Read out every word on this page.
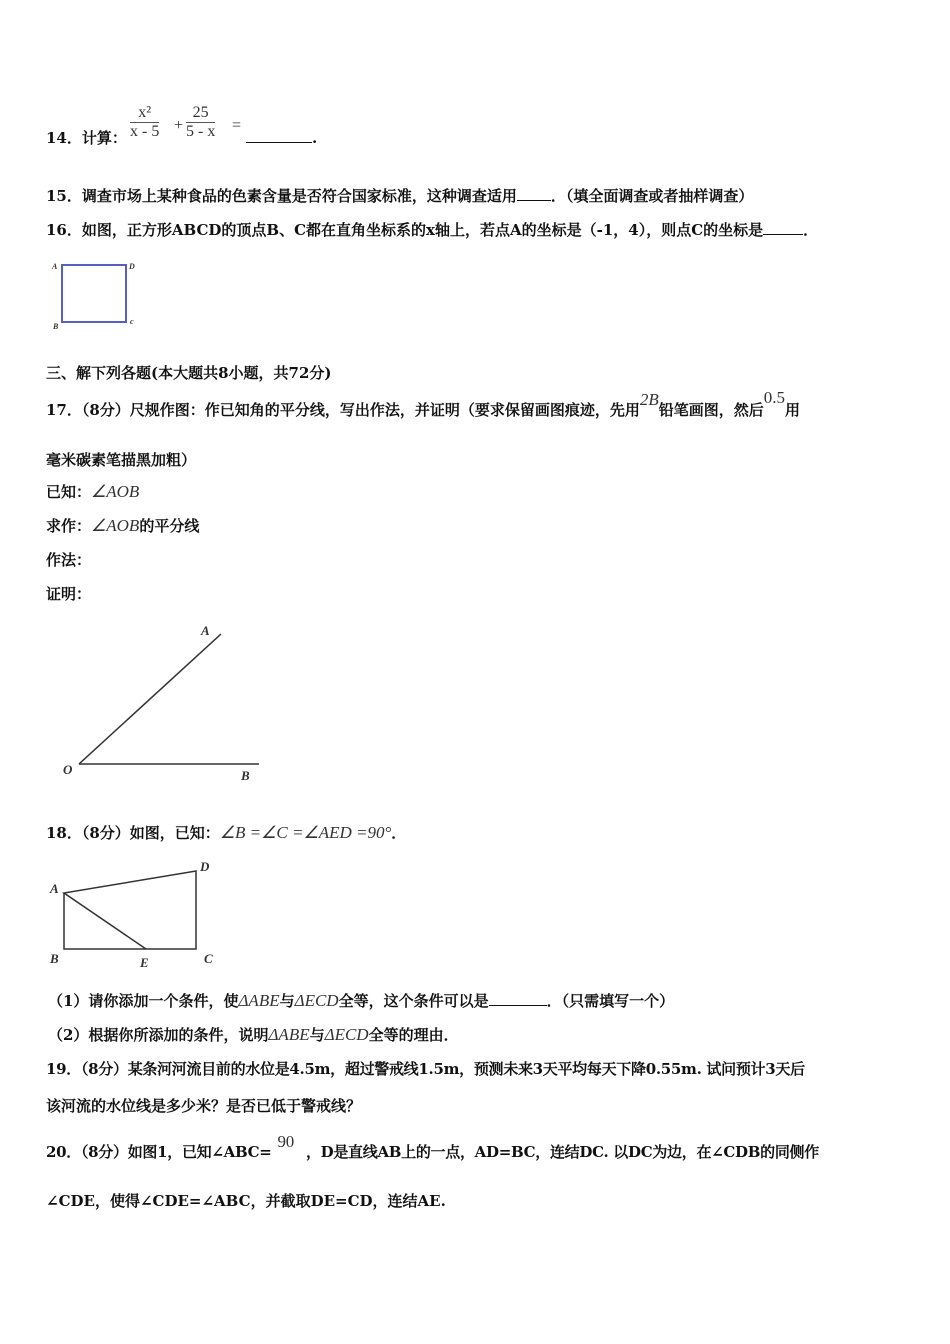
14．计算： $\frac{\text{x²}}{x - 5} + \frac{25}{5 - x}$ =
.
15．调查市场上某种食品的色素含量是否符合国家标准，这种调查适用 ．（填全面调查或者抽样调查）
16．如图，正方形ABCD的顶点B、C都在直角坐标系的x轴上，若点A的坐标是（-1，4），则点C的坐标是	．
A	D
B
c
三、解下列各题(本大题共8小题，共72分)
17．（8分）尺规作图：作已知角的平分线，写出作法，并证明（要求保留画图痕迹，先用2B铅笔画图，然后0.5用
毫米碳素笔描黑加粗）
已知：∠AOB
求作：∠AOB的平分线
作法：
证明：
A
O	B
18．（8分）如图，已知：∠B =∠C =∠AED =90°．
A
D
B	E	C
（1）请你添加一个条件，使ΔABE与ΔECD全等，这个条件可以是	．（只需填写一个）
（2）根据你所添加的条件，说明ΔABE与ΔECD全等的理由．
19．（8分）某条河河流目前的水位是4.5m，超过警戒线1.5m，预测未来3天平均每天下降0.55m. 试问预计3天后
该河流的水位线是多少米？是否已低于警戒线？
20．（8分）如图1，已知∠ABC=90，D是直线AB上的一点，AD=BC，连结DC. 以DC为边，在∠CDB的同侧作
∠CDE，使得∠CDE=∠ABC，并截取DE=CD，连结AE.
